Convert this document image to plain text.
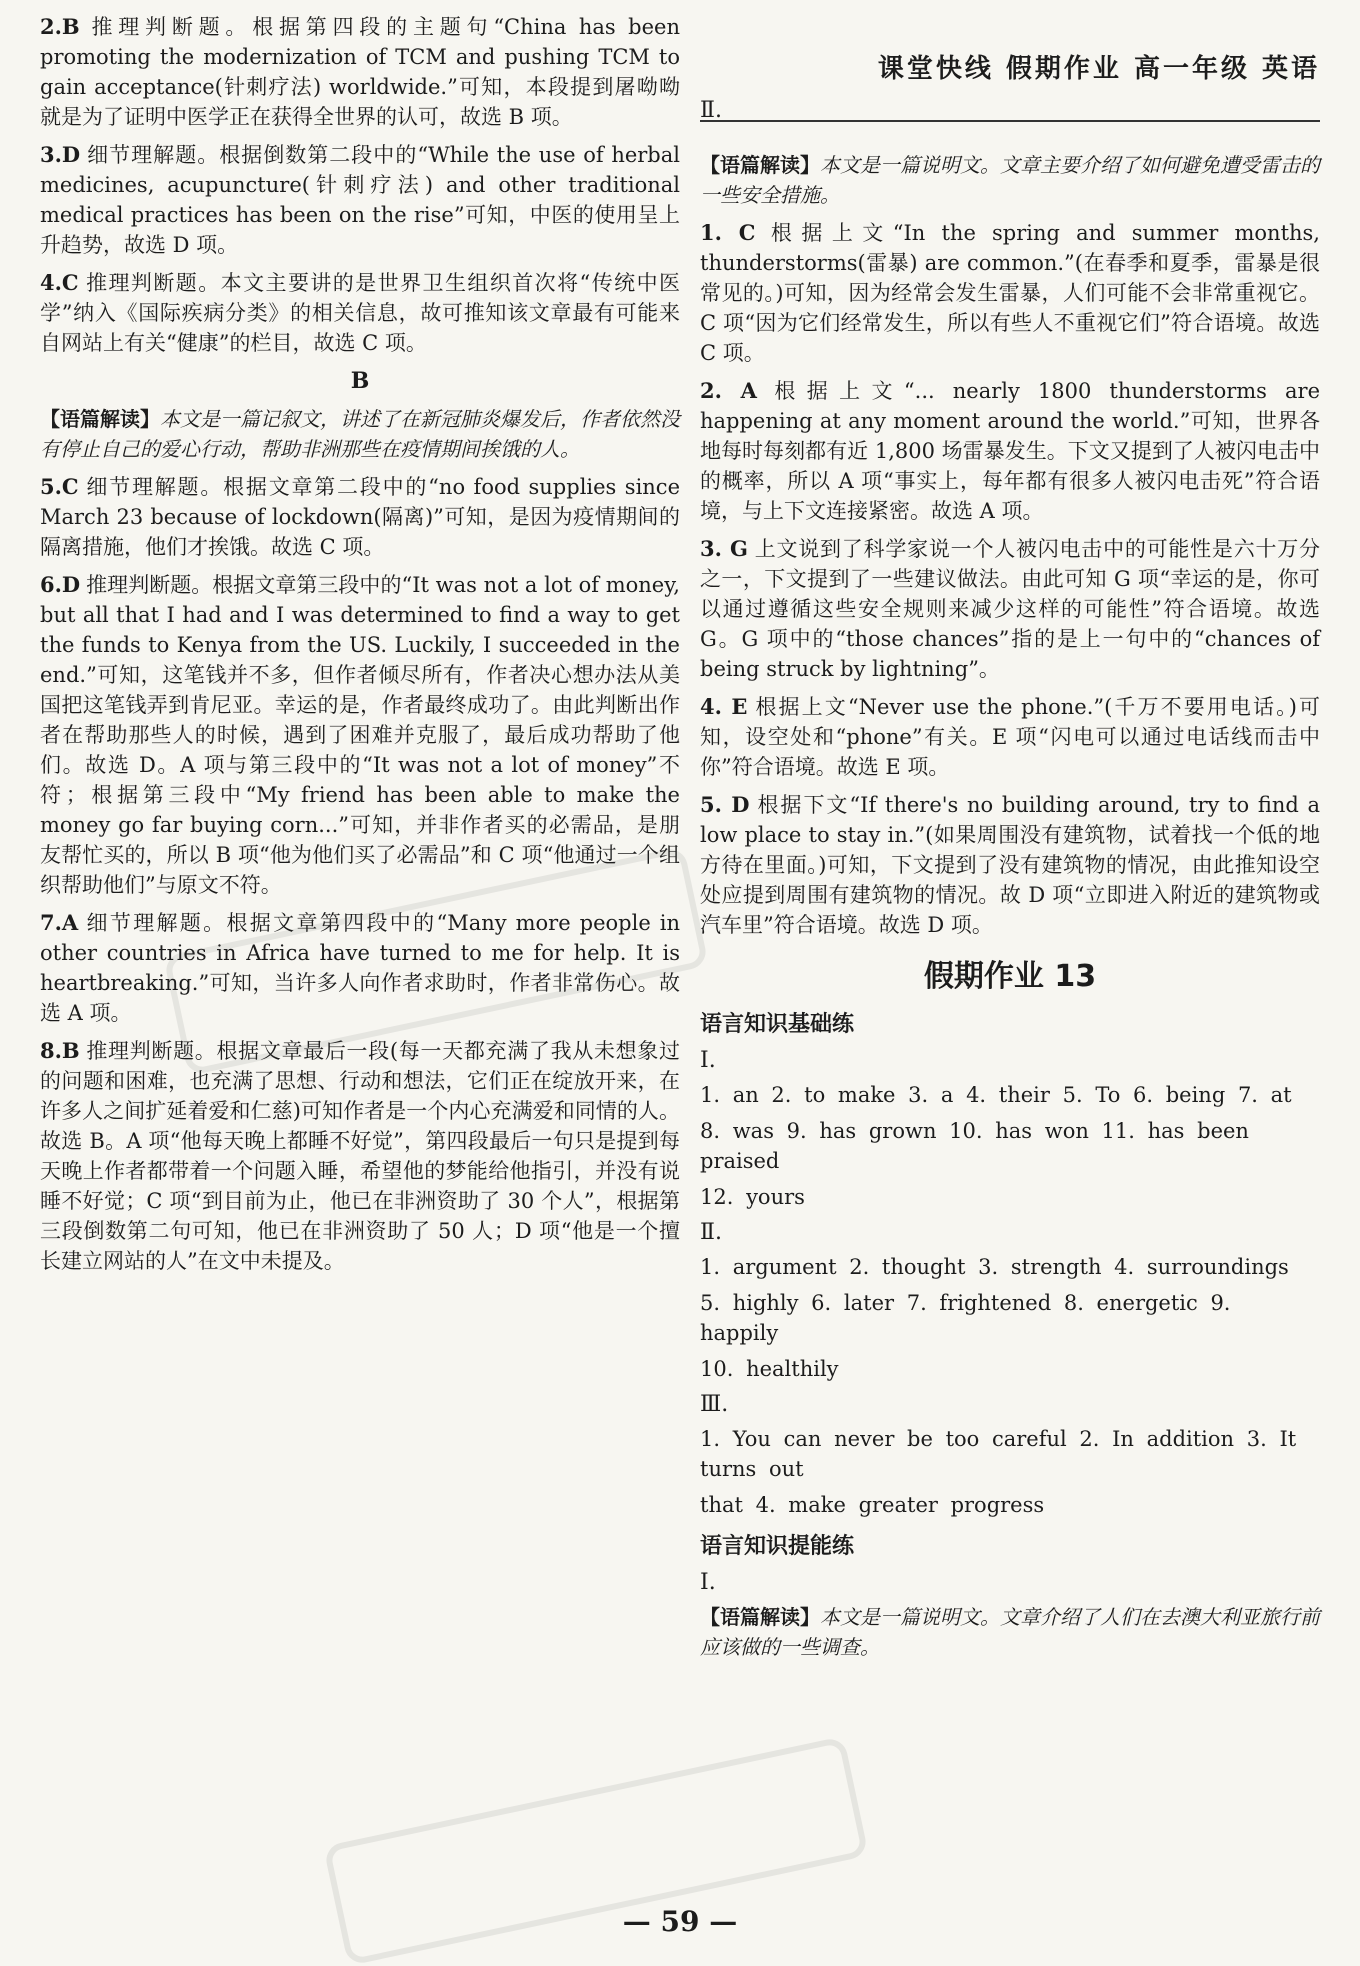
课堂快线 假期作业 高一年级 英语

2.B 推理判断题。根据第四段的主题句“China has been promoting the modernization of TCM and pushing TCM to gain acceptance(针刺疗法) worldwide.”可知，本段提到屠呦呦就是为了证明中医学正在获得全世界的认可，故选 B 项。

3.D 细节理解题。根据倒数第二段中的“While the use of herbal medicines, acupuncture(针刺疗法) and other traditional medical practices has been on the rise”可知，中医的使用呈上升趋势，故选 D 项。

4.C 推理判断题。本文主要讲的是世界卫生组织首次将“传统中医学”纳入《国际疾病分类》的相关信息，故可推知该文章最有可能来自网站上有关“健康”的栏目，故选 C 项。

B

【语篇解读】本文是一篇记叙文，讲述了在新冠肺炎爆发后，作者依然没有停止自己的爱心行动，帮助非洲那些在疫情期间挨饿的人。

5.C 细节理解题。根据文章第二段中的“no food supplies since March 23 because of lockdown(隔离)”可知，是因为疫情期间的隔离措施，他们才挨饿。故选 C 项。

6.D 推理判断题。根据文章第三段中的“It was not a lot of money, but all that I had and I was determined to find a way to get the funds to Kenya from the US. Luckily, I succeeded in the end.”可知，这笔钱并不多，但作者倾尽所有，作者决心想办法从美国把这笔钱弄到肯尼亚。幸运的是，作者最终成功了。由此判断出作者在帮助那些人的时候，遇到了困难并克服了，最后成功帮助了他们。故选 D。A 项与第三段中的“It was not a lot of money”不符；根据第三段中“My friend has been able to make the money go far buying corn...”可知，并非作者买的必需品，是朋友帮忙买的，所以 B 项“他为他们买了必需品”和 C 项“他通过一个组织帮助他们”与原文不符。

7.A 细节理解题。根据文章第四段中的“Many more people in other countries in Africa have turned to me for help. It is heartbreaking.”可知，当许多人向作者求助时，作者非常伤心。故选 A 项。

8.B 推理判断题。根据文章最后一段(每一天都充满了我从未想象过的问题和困难，也充满了思想、行动和想法，它们正在绽放开来，在许多人之间扩延着爱和仁慈)可知作者是一个内心充满爱和同情的人。故选 B。A 项“他每天晚上都睡不好觉”，第四段最后一句只是提到每天晚上作者都带着一个问题入睡，希望他的梦能给他指引，并没有说睡不好觉；C 项“到目前为止，他已在非洲资助了 30 个人”，根据第三段倒数第二句可知，他已在非洲资助了 50 人；D 项“他是一个擅长建立网站的人”在文中未提及。

Ⅱ.

【语篇解读】本文是一篇说明文。文章主要介绍了如何避免遭受雷击的一些安全措施。

1. C 根据上文“In the spring and summer months, thunderstorms(雷暴) are common.”(在春季和夏季，雷暴是很常见的。)可知，因为经常会发生雷暴，人们可能不会非常重视它。C 项“因为它们经常发生，所以有些人不重视它们”符合语境。故选 C 项。

2. A 根据上文“... nearly 1800 thunderstorms are happening at any moment around the world.”可知，世界各地每时每刻都有近 1,800 场雷暴发生。下文又提到了人被闪电击中的概率，所以 A 项“事实上，每年都有很多人被闪电击死”符合语境，与上下文连接紧密。故选 A 项。

3. G 上文说到了科学家说一个人被闪电击中的可能性是六十万分之一，下文提到了一些建议做法。由此可知 G 项“幸运的是，你可以通过遵循这些安全规则来减少这样的可能性”符合语境。故选 G。G 项中的“those chances”指的是上一句中的“chances of being struck by lightning”。

4. E 根据上文“Never use the phone.”(千万不要用电话。)可知，设空处和“phone”有关。E 项“闪电可以通过电话线而击中你”符合语境。故选 E 项。

5. D 根据下文“If there's no building around, try to find a low place to stay in.”(如果周围没有建筑物，试着找一个低的地方待在里面。)可知，下文提到了没有建筑物的情况，由此推知设空处应提到周围有建筑物的情况。故 D 项“立即进入附近的建筑物或汽车里”符合语境。故选 D 项。

假期作业 13
语言知识基础练
Ⅰ.
1. an 2. to make 3. a 4. their 5. To 6. being 7. at
8. was 9. has grown 10. has won 11. has been praised
12. yours
Ⅱ.
1. argument 2. thought 3. strength 4. surroundings
5. highly 6. later 7. frightened 8. energetic 9. happily
10. healthily
Ⅲ.
1. You can never be too careful 2. In addition 3. It turns out
that 4. make greater progress
语言知识提能练
Ⅰ.

【语篇解读】本文是一篇说明文。文章介绍了人们在去澳大利亚旅行前应该做的一些调查。

— 59 —
